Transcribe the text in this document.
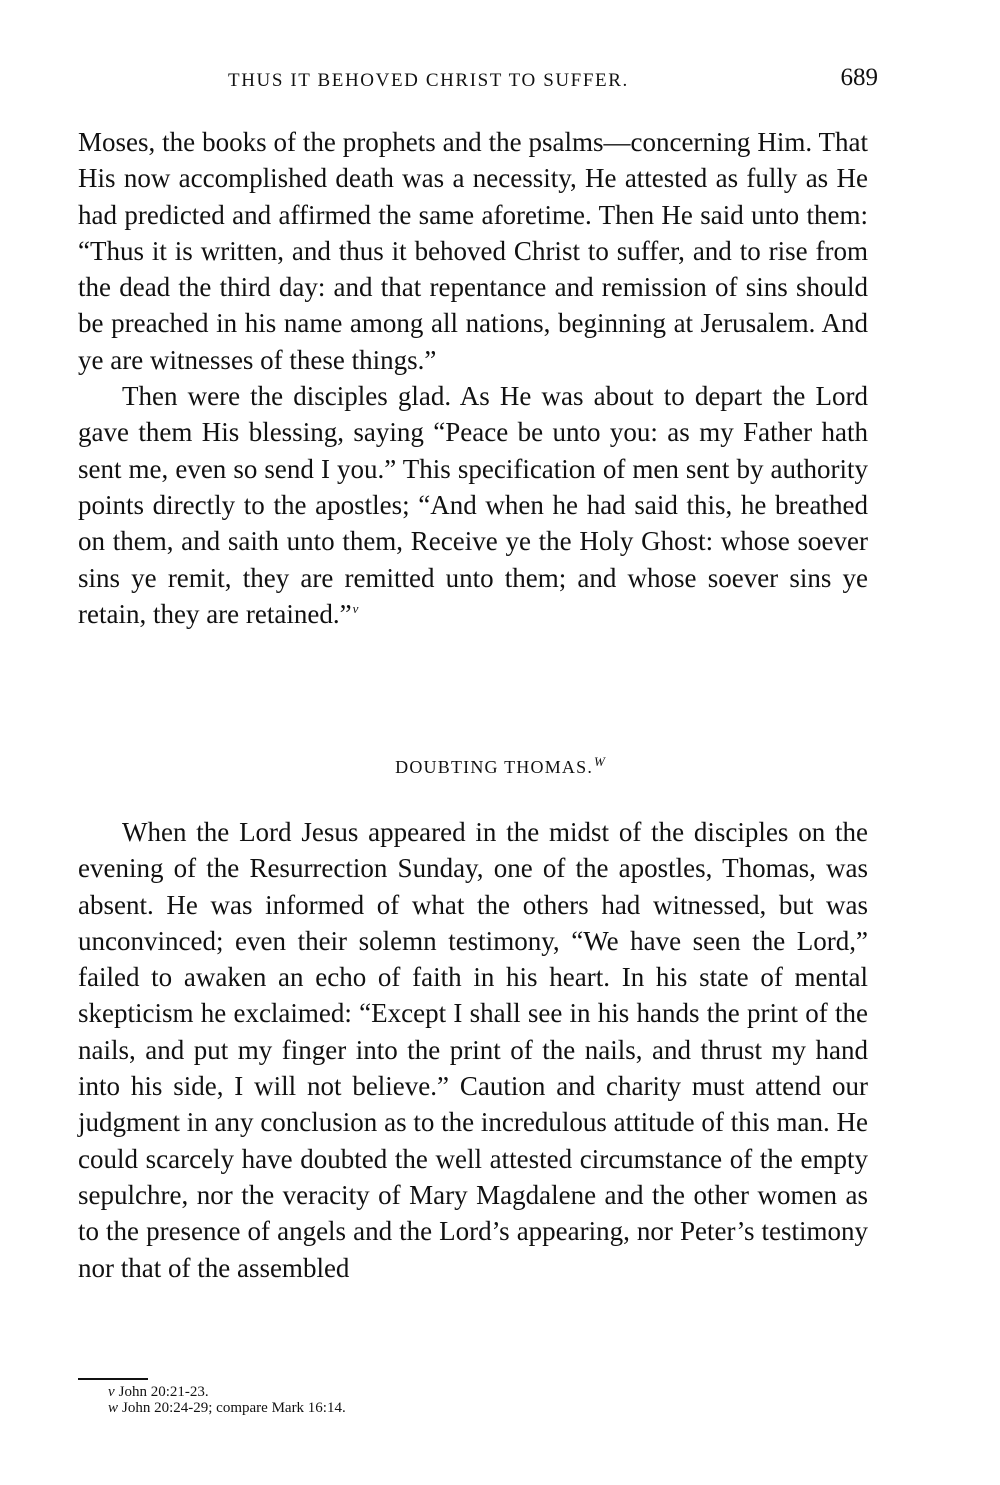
THUS IT BEHOVED CHRIST TO SUFFER.	689

Moses, the books of the prophets and the psalms—concerning Him. That His now accomplished death was a necessity, He attested as fully as He had predicted and affirmed the same aforetime. Then He said unto them: “Thus it is written, and thus it behoved Christ to suffer, and to rise from the dead the third day: and that repentance and remission of sins should be preached in his name among all nations, beginning at Jerusalem. And ye are witnesses of these things.”

Then were the disciples glad. As He was about to depart the Lord gave them His blessing, saying “Peace be unto you: as my Father hath sent me, even so send I you.” This specification of men sent by authority points directly to the apostles; “And when he had said this, he breathed on them, and saith unto them, Receive ye the Holy Ghost: whose soever sins ye remit, they are remitted unto them; and whose soever sins ye retain, they are retained.”$^v$

DOUBTING THOMAS.$^W$

When the Lord Jesus appeared in the midst of the disciples on the evening of the Resurrection Sunday, one of the apostles, Thomas, was absent. He was informed of what the others had witnessed, but was unconvinced; even their solemn testimony, “We have seen the Lord,” failed to awaken an echo of faith in his heart. In his state of mental skepticism he exclaimed: “Except I shall see in his hands the print of the nails, and put my finger into the print of the nails, and thrust my hand into his side, I will not believe.” Caution and charity must attend our judgment in any conclusion as to the incredulous attitude of this man. He could scarcely have doubted the well attested circumstance of the empty sepulchre, nor the veracity of Mary Magdalene and the other women as to the presence of angels and the Lord’s appearing, nor Peter’s testimony nor that of the assembled

v John 20:21-23.
w John 20:24-29; compare Mark 16:14.
